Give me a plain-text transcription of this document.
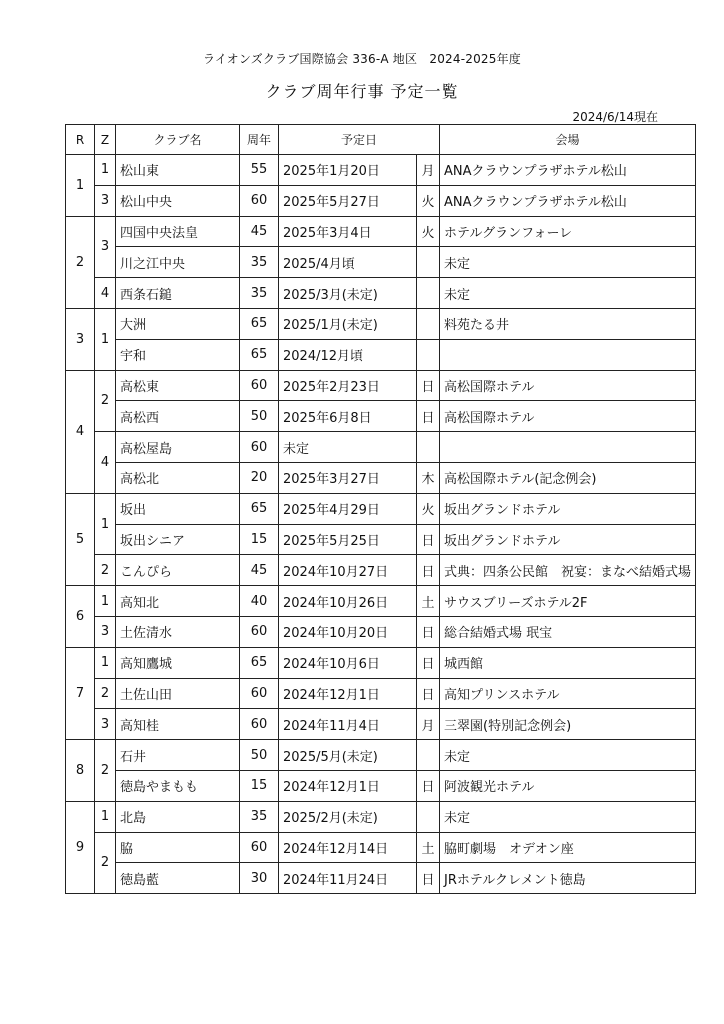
ライオンズクラブ国際協会 336-A 地区　2024-2025年度
クラブ周年行事 予定一覧
2024/6/14現在
R	Z	クラブ名	周年	予定日		会場
1	1	松山東	55	2025年1月20日	月	ANAクラウンプラザホテル松山
	3	松山中央	60	2025年5月27日	火	ANAクラウンプラザホテル松山
2	3	四国中央法皇	45	2025年3月4日	火	ホテルグランフォーレ
		川之江中央	35	2025/4月頃		未定
	4	西条石鎚	35	2025/3月(未定)		未定
3	1	大洲	65	2025/1月(未定)		料苑たる井
		宇和	65	2024/12月頃		
4	2	高松東	60	2025年2月23日	日	高松国際ホテル
		高松西	50	2025年6月8日	日	高松国際ホテル
	4	高松屋島	60	未定		
		高松北	20	2025年3月27日	木	高松国際ホテル(記念例会)
5	1	坂出	65	2025年4月29日	火	坂出グランドホテル
		坂出シニア	15	2025年5月25日	日	坂出グランドホテル
	2	こんぴら	45	2024年10月27日	日	式典：四条公民館　祝宴：まなべ結婚式場
6	1	高知北	40	2024年10月26日	土	サウスブリーズホテル2F
	3	土佐清水	60	2024年10月20日	日	総合結婚式場 珉宝
7	1	高知鷹城	65	2024年10月6日	日	城西館
	2	土佐山田	60	2024年12月1日	日	高知プリンスホテル
	3	高知桂	60	2024年11月4日	月	三翠園(特別記念例会)
8	2	石井	50	2025/5月(未定)		未定
		徳島やまもも	15	2024年12月1日	日	阿波観光ホテル
9	1	北島	35	2025/2月(未定)		未定
	2	脇	60	2024年12月14日	土	脇町劇場　オデオン座
		徳島藍	30	2024年11月24日	日	JRホテルクレメント徳島
